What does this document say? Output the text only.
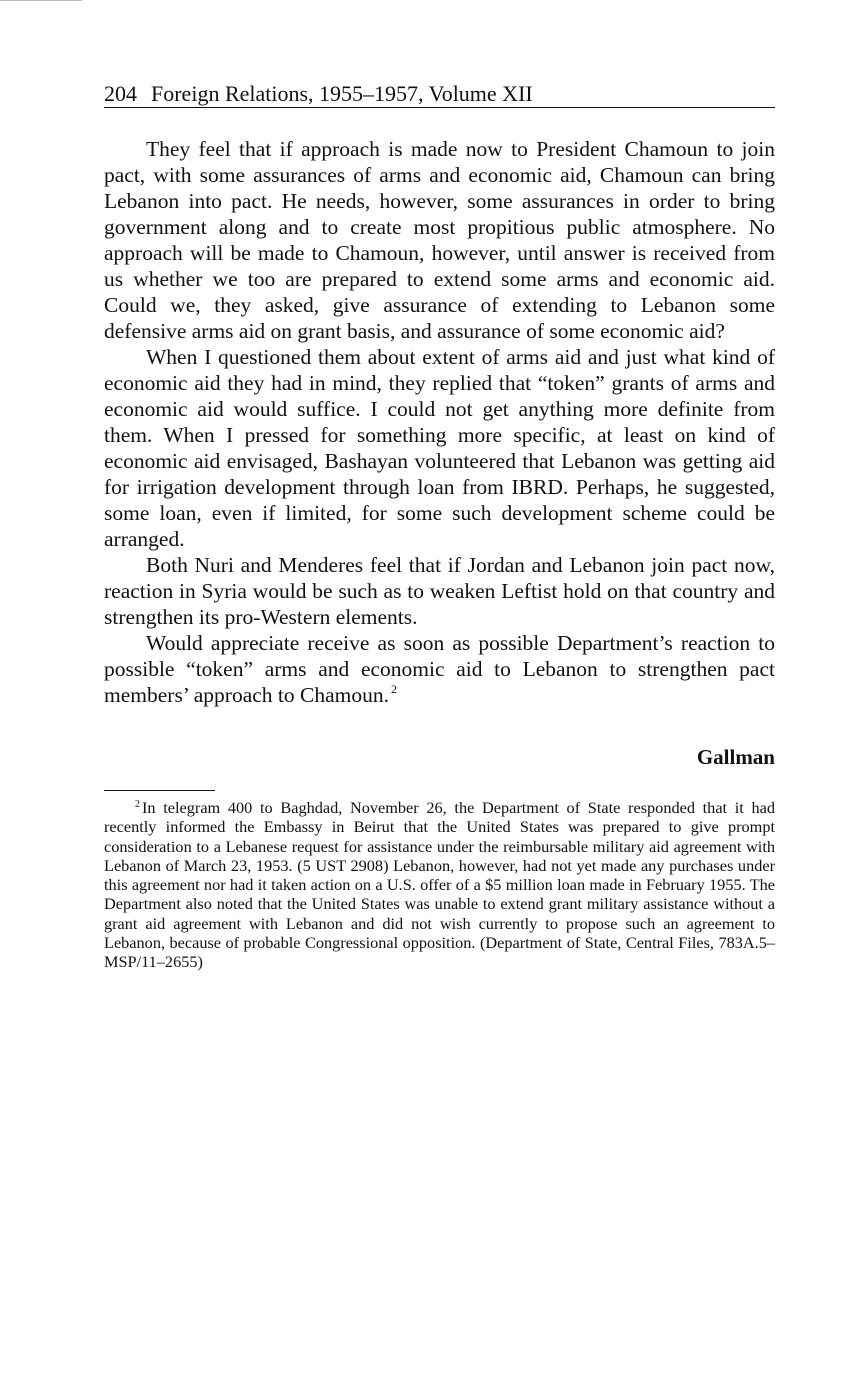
204 Foreign Relations, 1955–1957, Volume XII

They feel that if approach is made now to President Chamoun to join pact, with some assurances of arms and economic aid, Chamoun can bring Lebanon into pact. He needs, however, some assurances in order to bring government along and to create most propitious public atmosphere. No approach will be made to Chamoun, however, until answer is received from us whether we too are prepared to extend some arms and economic aid. Could we, they asked, give assurance of extending to Lebanon some defensive arms aid on grant basis, and assurance of some economic aid?

When I questioned them about extent of arms aid and just what kind of economic aid they had in mind, they replied that “token” grants of arms and economic aid would suffice. I could not get anything more definite from them. When I pressed for something more specific, at least on kind of economic aid envisaged, Bashayan volunteered that Lebanon was getting aid for irrigation development through loan from IBRD. Perhaps, he suggested, some loan, even if limited, for some such development scheme could be arranged.

Both Nuri and Menderes feel that if Jordan and Lebanon join pact now, reaction in Syria would be such as to weaken Leftist hold on that country and strengthen its pro-Western elements.

Would appreciate receive as soon as possible Department’s reaction to possible “token” arms and economic aid to Lebanon to strengthen pact members’ approach to Chamoun. $^2$

Gallman

$^2$ In telegram 400 to Baghdad, November 26, the Department of State responded that it had recently informed the Embassy in Beirut that the United States was prepared to give prompt consideration to a Lebanese request for assistance under the reimbursable military aid agreement with Lebanon of March 23, 1953. (5 UST 2908) Lebanon, however, had not yet made any purchases under this agreement nor had it taken action on a U.S. offer of a $5 million loan made in February 1955. The Department also noted that the United States was unable to extend grant military assistance without a grant aid agreement with Lebanon and did not wish currently to propose such an agreement to Lebanon, because of probable Congressional opposition. (Department of State, Central Files, 783A.5–MSP/11–2655)
